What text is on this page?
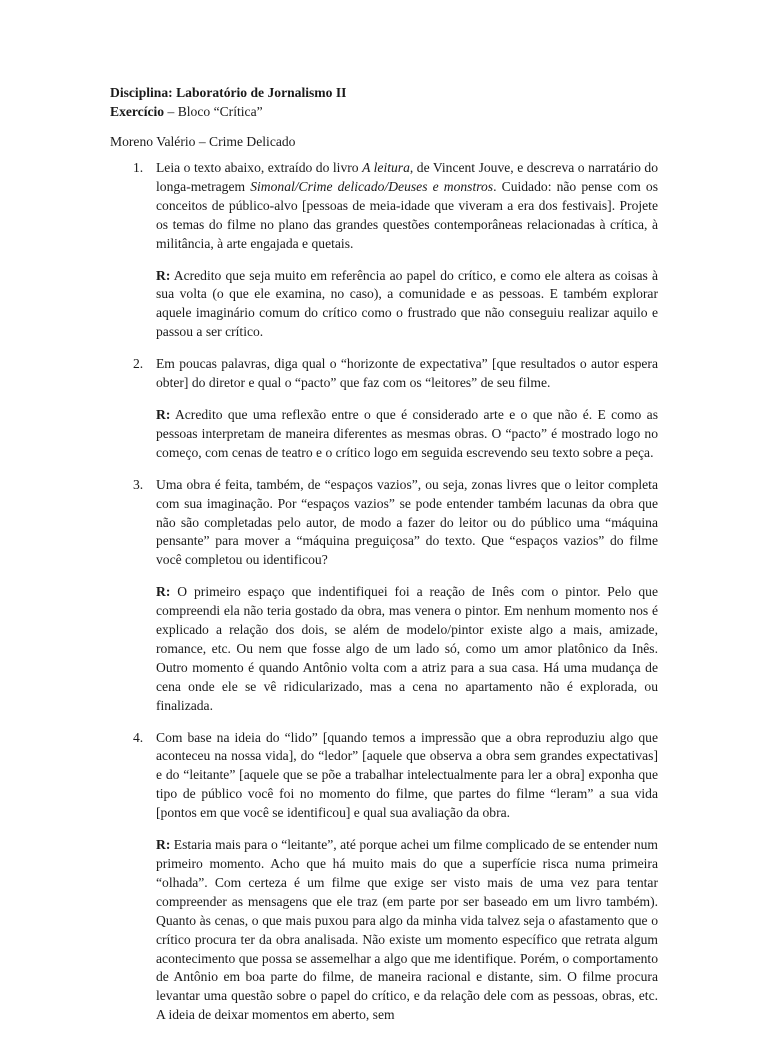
Disciplina: Laboratório de Jornalismo II

Exercício – Bloco “Crítica”

Moreno Valério – Crime Delicado

1. Leia o texto abaixo, extraído do livro A leitura, de Vincent Jouve, e descreva o narratário do longa-metragem Simonal/Crime delicado/Deuses e monstros. Cuidado: não pense com os conceitos de público-alvo [pessoas de meia-idade que viveram a era dos festivais]. Projete os temas do filme no plano das grandes questões contemporâneas relacionadas à crítica, à militância, à arte engajada e quetais.

R: Acredito que seja muito em referência ao papel do crítico, e como ele altera as coisas à sua volta (o que ele examina, no caso), a comunidade e as pessoas. E também explorar aquele imaginário comum do crítico como o frustrado que não conseguiu realizar aquilo e passou a ser crítico.

2. Em poucas palavras, diga qual o “horizonte de expectativa” [que resultados o autor espera obter] do diretor e qual o “pacto” que faz com os “leitores” de seu filme.

R: Acredito que uma reflexão entre o que é considerado arte e o que não é. E como as pessoas interpretam de maneira diferentes as mesmas obras. O “pacto” é mostrado logo no começo, com cenas de teatro e o crítico logo em seguida escrevendo seu texto sobre a peça.

3. Uma obra é feita, também, de “espaços vazios”, ou seja, zonas livres que o leitor completa com sua imaginação. Por “espaços vazios” se pode entender também lacunas da obra que não são completadas pelo autor, de modo a fazer do leitor ou do público uma “máquina pensante” para mover a “máquina preguiçosa” do texto. Que “espaços vazios” do filme você completou ou identificou?

R: O primeiro espaço que indentifiquei foi a reação de Inês com o pintor. Pelo que compreendi ela não teria gostado da obra, mas venera o pintor. Em nenhum momento nos é explicado a relação dos dois, se além de modelo/pintor existe algo a mais, amizade, romance, etc. Ou nem que fosse algo de um lado só, como um amor platônico da Inês. Outro momento é quando Antônio volta com a atriz para a sua casa. Há uma mudança de cena onde ele se vê ridicularizado, mas a cena no apartamento não é explorada, ou finalizada.

4. Com base na ideia do “lido” [quando temos a impressão que a obra reproduziu algo que aconteceu na nossa vida], do “ledor” [aquele que observa a obra sem grandes expectativas] e do “leitante” [aquele que se põe a trabalhar intelectualmente para ler a obra] exponha que tipo de público você foi no momento do filme, que partes do filme “leram” a sua vida [pontos em que você se identificou] e qual sua avaliação da obra.

R: Estaria mais para o “leitante”, até porque achei um filme complicado de se entender num primeiro momento. Acho que há muito mais do que a superfície risca numa primeira “olhada”. Com certeza é um filme que exige ser visto mais de uma vez para tentar compreender as mensagens que ele traz (em parte por ser baseado em um livro também). Quanto às cenas, o que mais puxou para algo da minha vida talvez seja o afastamento que o crítico procura ter da obra analisada. Não existe um momento específico que retrata algum acontecimento que possa se assemelhar a algo que me identifique. Porém, o comportamento de Antônio em boa parte do filme, de maneira racional e distante, sim. O filme procura levantar uma questão sobre o papel do crítico, e da relação dele com as pessoas, obras, etc. A ideia de deixar momentos em aberto, sem
